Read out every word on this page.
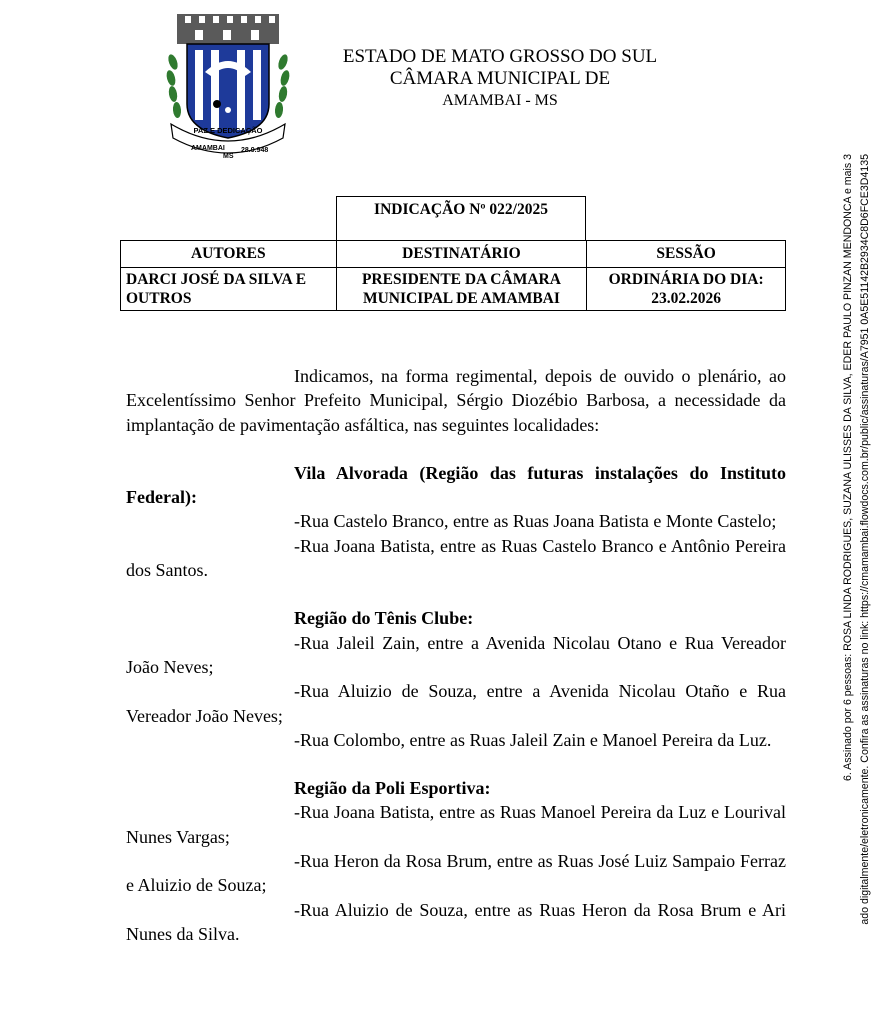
PAZ E DEDICAÇÃO
AMAMBAI
MS
28.9.948
ESTADO DE MATO GROSSO DO SUL
CÂMARA MUNICIPAL DE
AMAMBAI - MS
INDICAÇÃO Nº 022/2025
AUTORES	DESTINATÁRIO	SESSÃO
DARCI JOSÉ DA SILVA E OUTROS	PRESIDENTE DA CÂMARA MUNICIPAL DE AMAMBAI	ORDINÁRIA DO DIA: 23.02.2026

Indicamos, na forma regimental, depois de ouvido o plenário, ao Excelentíssimo Senhor Prefeito Municipal, Sérgio Diozébio Barbosa, a necessidade da implantação de pavimentação asfáltica, nas seguintes localidades:

Vila Alvorada (Região das futuras instalações do Instituto Federal):

-Rua Castelo Branco, entre as Ruas Joana Batista e Monte Castelo;

-Rua Joana Batista, entre as Ruas Castelo Branco e Antônio Pereira dos Santos.

Região do Tênis Clube:

-Rua Jaleil Zain, entre a Avenida Nicolau Otano e Rua Vereador João Neves;

-Rua Aluizio de Souza, entre a Avenida Nicolau Otaño e Rua Vereador João Neves;

-Rua Colombo, entre as Ruas Jaleil Zain e Manoel Pereira da Luz.

Região da Poli Esportiva:

-Rua Joana Batista, entre as Ruas Manoel Pereira da Luz e Lourival Nunes Vargas;

-Rua Heron da Rosa Brum, entre as Ruas José Luiz Sampaio Ferraz e Aluizio de Souza;

-Rua Aluizio de Souza, entre as Ruas Heron da Rosa Brum e Ari Nunes da Silva.

6. Assinado por 6 pessoas: ROSA LINDA RODRIGUES, SUZANA ULISSES DA SILVA, EDER PAULO PINZAN MENDONCA e mais 3 ado digitalmente/eletronicamente. Confira as assinaturas no link: https://cmamambai.flowdocs.com.br/public/assinaturas/A7951 0A5E51142B2934C8D6FCE3D4135
